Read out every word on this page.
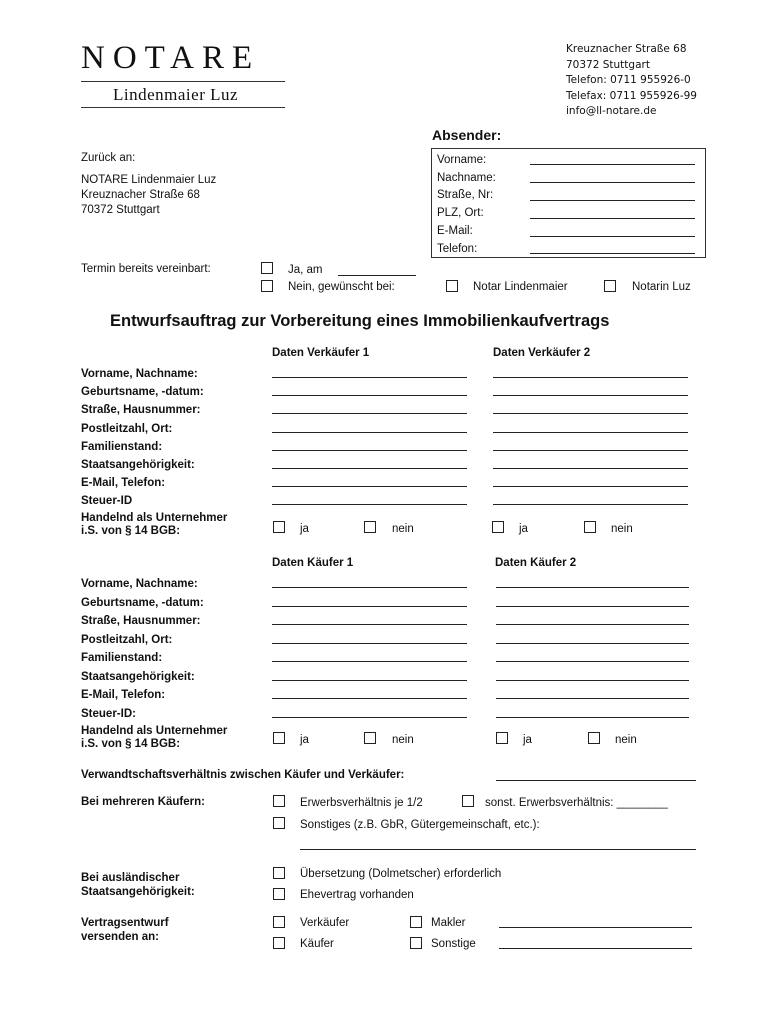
NOTARE
Lindenmaier Luz
Kreuznacher Straße 68
70372 Stuttgart
Telefon: 0711 955926-0
Telefax: 0711 955926-99
info@ll-notare.de
Absender:
Vorname:
Nachname:
Straße, Nr:
PLZ, Ort:
E-Mail:
Telefon:
Zurück an:
NOTARE Lindenmaier Luz
Kreuznacher Straße 68
70372 Stuttgart
Termin bereits vereinbart:	Ja, am
Nein, gewünscht bei:	Notar Lindenmaier	Notarin Luz
Entwurfsauftrag zur Vorbereitung eines Immobilienkaufvertrags
Daten Verkäufer 1	Daten Verkäufer 2
Vorname, Nachname:
Geburtsname, -datum:
Straße, Hausnummer:
Postleitzahl, Ort:
Familienstand:
Staatsangehörigkeit:
E-Mail, Telefon:
Steuer-ID
Handelnd als Unternehmer
i.S. von § 14 BGB:	ja	nein	ja	nein
Daten Käufer 1	Daten Käufer 2
Vorname, Nachname:
Geburtsname, -datum:
Straße, Hausnummer:
Postleitzahl, Ort:
Familienstand:
Staatsangehörigkeit:
E-Mail, Telefon:
Steuer-ID:
Handelnd als Unternehmer
i.S. von § 14 BGB:	ja	nein	ja	nein
Verwandtschaftsverhältnis zwischen Käufer und Verkäufer:
Bei mehreren Käufern:	Erwerbsverhältnis je 1/2	sonst. Erwerbsverhältnis: ________
Sonstiges (z.B. GbR, Gütergemeinschaft, etc.):
Bei ausländischer
Staatsangehörigkeit:
Übersetzung (Dolmetscher) erforderlich
Ehevertrag vorhanden
Vertragsentwurf
versenden an:
Verkäufer	Makler
Käufer	Sonstige
